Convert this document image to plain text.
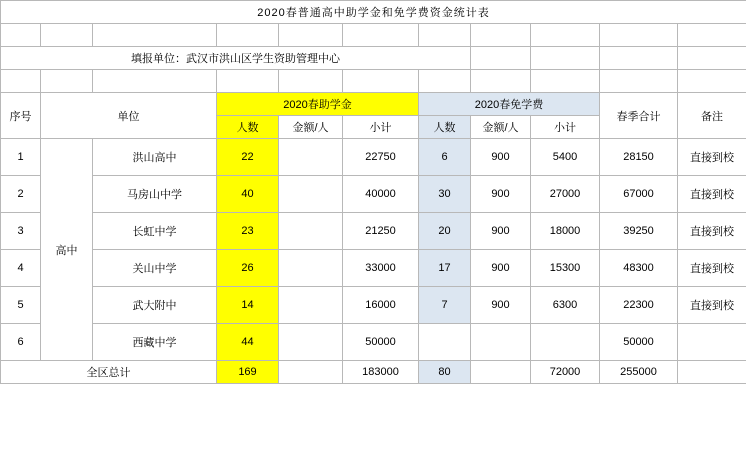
2020春普通高中助学金和免学费资金统计表										

填报单位：武汉市洪山区学生资助管理中心										

序号	单位		2020春助学金			2020春免学费			春季合计	备注
			人数	金额/人	小计	人数	金额/人	小计		
1	高中	洪山高中	22		22750	6	900	5400	28150	直接到校
2		马房山中学	40		40000	30	900	27000	67000	直接到校
3		长虹中学	23		21250	20	900	18000	39250	直接到校
4		关山中学	26		33000	17	900	15300	48300	直接到校
5		武大附中	14		16000	7	900	6300	22300	直接到校
6		西藏中学	44		50000				50000	
全区总计			169		183000	80		72000	255000	
